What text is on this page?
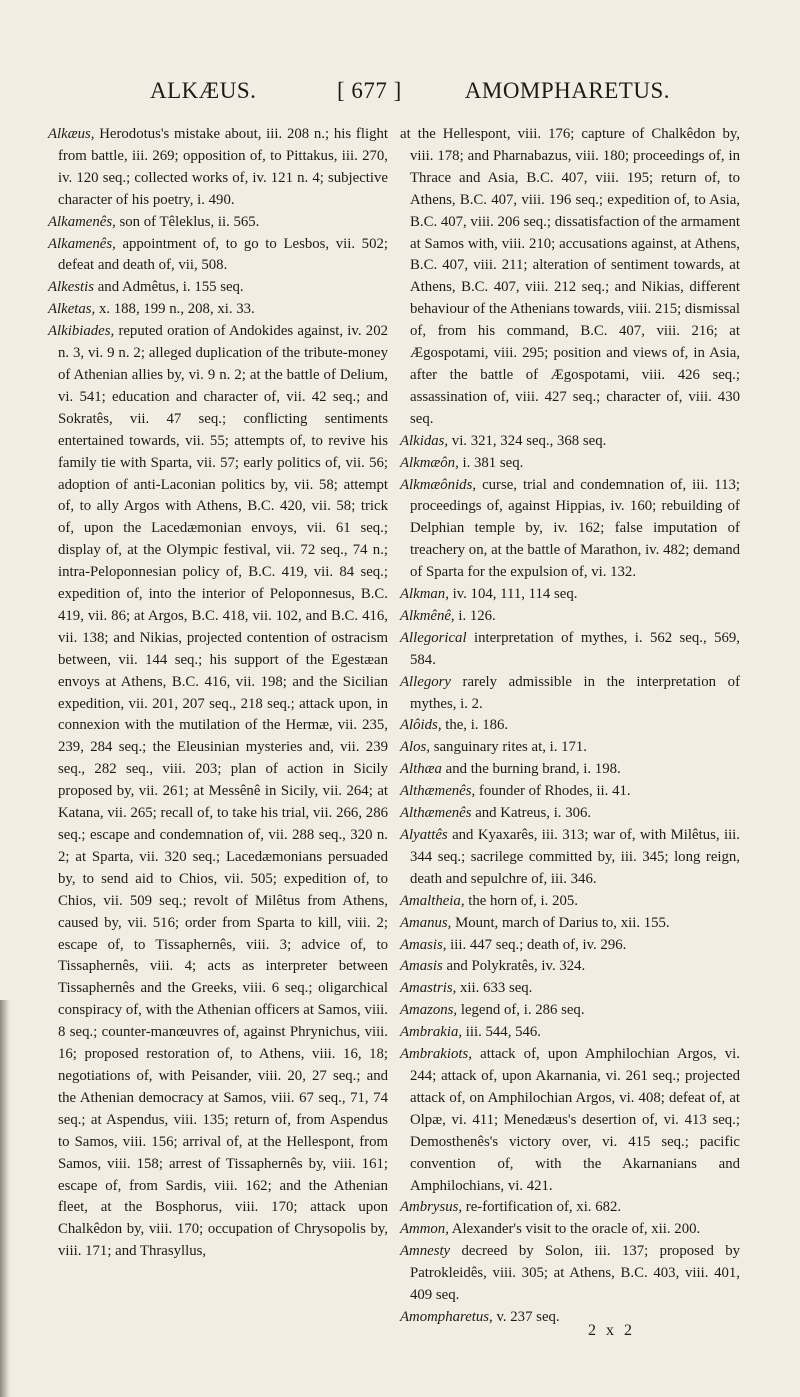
ALKÆUS.	[ 677 ]	AMOMPHARETUS.

Alkæus, Herodotus's mistake about, iii. 208 n.; his flight from battle, iii. 269; opposition of, to Pittakus, iii. 270, iv. 120 seq.; collected works of, iv. 121 n. 4; subjective character of his poetry, i. 490.

Alkamenês, son of Têleklus, ii. 565.

Alkamenês, appointment of, to go to Lesbos, vii. 502; defeat and death of, vii, 508.

Alkestis and Admêtus, i. 155 seq.

Alketas, x. 188, 199 n., 208, xi. 33.

Alkibiades, reputed oration of Andokides against, iv. 202 n. 3, vi. 9 n. 2; alleged duplication of the tribute-money of Athenian allies by, vi. 9 n. 2; at the battle of Delium, vi. 541; education and character of, vii. 42 seq.; and Sokratês, vii. 47 seq.; conflicting sentiments entertained towards, vii. 55; attempts of, to revive his family tie with Sparta, vii. 57; early politics of, vii. 56; adoption of anti-Laconian politics by, vii. 58; attempt of, to ally Argos with Athens, B.C. 420, vii. 58; trick of, upon the Lacedæmonian envoys, vii. 61 seq.; display of, at the Olympic festival, vii. 72 seq., 74 n.; intra-Peloponnesian policy of, B.C. 419, vii. 84 seq.; expedition of, into the interior of Peloponnesus, B.C. 419, vii. 86; at Argos, B.C. 418, vii. 102, and B.C. 416, vii. 138; and Nikias, projected contention of ostracism between, vii. 144 seq.; his support of the Egestæan envoys at Athens, B.C. 416, vii. 198; and the Sicilian expedition, vii. 201, 207 seq., 218 seq.; attack upon, in connexion with the mutilation of the Hermæ, vii. 235, 239, 284 seq.; the Eleusinian mysteries and, vii. 239 seq., 282 seq., viii. 203; plan of action in Sicily proposed by, vii. 261; at Messênê in Sicily, vii. 264; at Katana, vii. 265; recall of, to take his trial, vii. 266, 286 seq.; escape and condemnation of, vii. 288 seq., 320 n. 2; at Sparta, vii. 320 seq.; Lacedæmonians persuaded by, to send aid to Chios, vii. 505; expedition of, to Chios, vii. 509 seq.; revolt of Milêtus from Athens, caused by, vii. 516; order from Sparta to kill, viii. 2; escape of, to Tissaphernês, viii. 3; advice of, to Tissaphernês, viii. 4; acts as interpreter between Tissaphernês and the Greeks, viii. 6 seq.; oligarchical conspiracy of, with the Athenian officers at Samos, viii. 8 seq.; counter-manœuvres of, against Phrynichus, viii. 16; proposed restoration of, to Athens, viii. 16, 18; negotiations of, with Peisander, viii. 20, 27 seq.; and the Athenian democracy at Samos, viii. 67 seq., 71, 74 seq.; at Aspendus, viii. 135; return of, from Aspendus to Samos, viii. 156; arrival of, at the Hellespont, from Samos, viii. 158; arrest of Tissaphernês by, viii. 161; escape of, from Sardis, viii. 162; and the Athenian fleet, at the Bosphorus, viii. 170; attack upon Chalkêdon by, viii. 170; occupation of Chrysopolis by, viii. 171; and Thrasyllus,

at the Hellespont, viii. 176; capture of Chalkêdon by, viii. 178; and Pharnabazus, viii. 180; proceedings of, in Thrace and Asia, B.C. 407, viii. 195; return of, to Athens, B.C. 407, viii. 196 seq.; expedition of, to Asia, B.C. 407, viii. 206 seq.; dissatisfaction of the armament at Samos with, viii. 210; accusations against, at Athens, B.C. 407, viii. 211; alteration of sentiment towards, at Athens, B.C. 407, viii. 212 seq.; and Nikias, different behaviour of the Athenians towards, viii. 215; dismissal of, from his command, B.C. 407, viii. 216; at Ægospotami, viii. 295; position and views of, in Asia, after the battle of Ægospotami, viii. 426 seq.; assassination of, viii. 427 seq.; character of, viii. 430 seq.

Alkidas, vi. 321, 324 seq., 368 seq.

Alkmæôn, i. 381 seq.

Alkmæônids, curse, trial and condemnation of, iii. 113; proceedings of, against Hippias, iv. 160; rebuilding of Delphian temple by, iv. 162; false imputation of treachery on, at the battle of Marathon, iv. 482; demand of Sparta for the expulsion of, vi. 132.

Alkman, iv. 104, 111, 114 seq.

Alkmênê, i. 126.

Allegorical interpretation of mythes, i. 562 seq., 569, 584.

Allegory rarely admissible in the interpretation of mythes, i. 2.

Alôids, the, i. 186.

Alos, sanguinary rites at, i. 171.

Althæa and the burning brand, i. 198.

Althæmenês, founder of Rhodes, ii. 41.

Althæmenês and Katreus, i. 306.

Alyattês and Kyaxarês, iii. 313; war of, with Milêtus, iii. 344 seq.; sacrilege committed by, iii. 345; long reign, death and sepulchre of, iii. 346.

Amaltheia, the horn of, i. 205.

Amanus, Mount, march of Darius to, xii. 155.

Amasis, iii. 447 seq.; death of, iv. 296.

Amasis and Polykratês, iv. 324.

Amastris, xii. 633 seq.

Amazons, legend of, i. 286 seq.

Ambrakia, iii. 544, 546.

Ambrakiots, attack of, upon Amphilochian Argos, vi. 244; attack of, upon Akarnania, vi. 261 seq.; projected attack of, on Amphilochian Argos, vi. 408; defeat of, at Olpæ, vi. 411; Menedæus's desertion of, vi. 413 seq.; Demosthenês's victory over, vi. 415 seq.; pacific convention of, with the Akarnanians and Amphilochians, vi. 421.

Ambrysus, re-fortification of, xi. 682.

Ammon, Alexander's visit to the oracle of, xii. 200.

Amnesty decreed by Solon, iii. 137; proposed by Patrokleidês, viii. 305; at Athens, B.C. 403, viii. 401, 409 seq.

Amompharetus, v. 237 seq.

2 x 2
